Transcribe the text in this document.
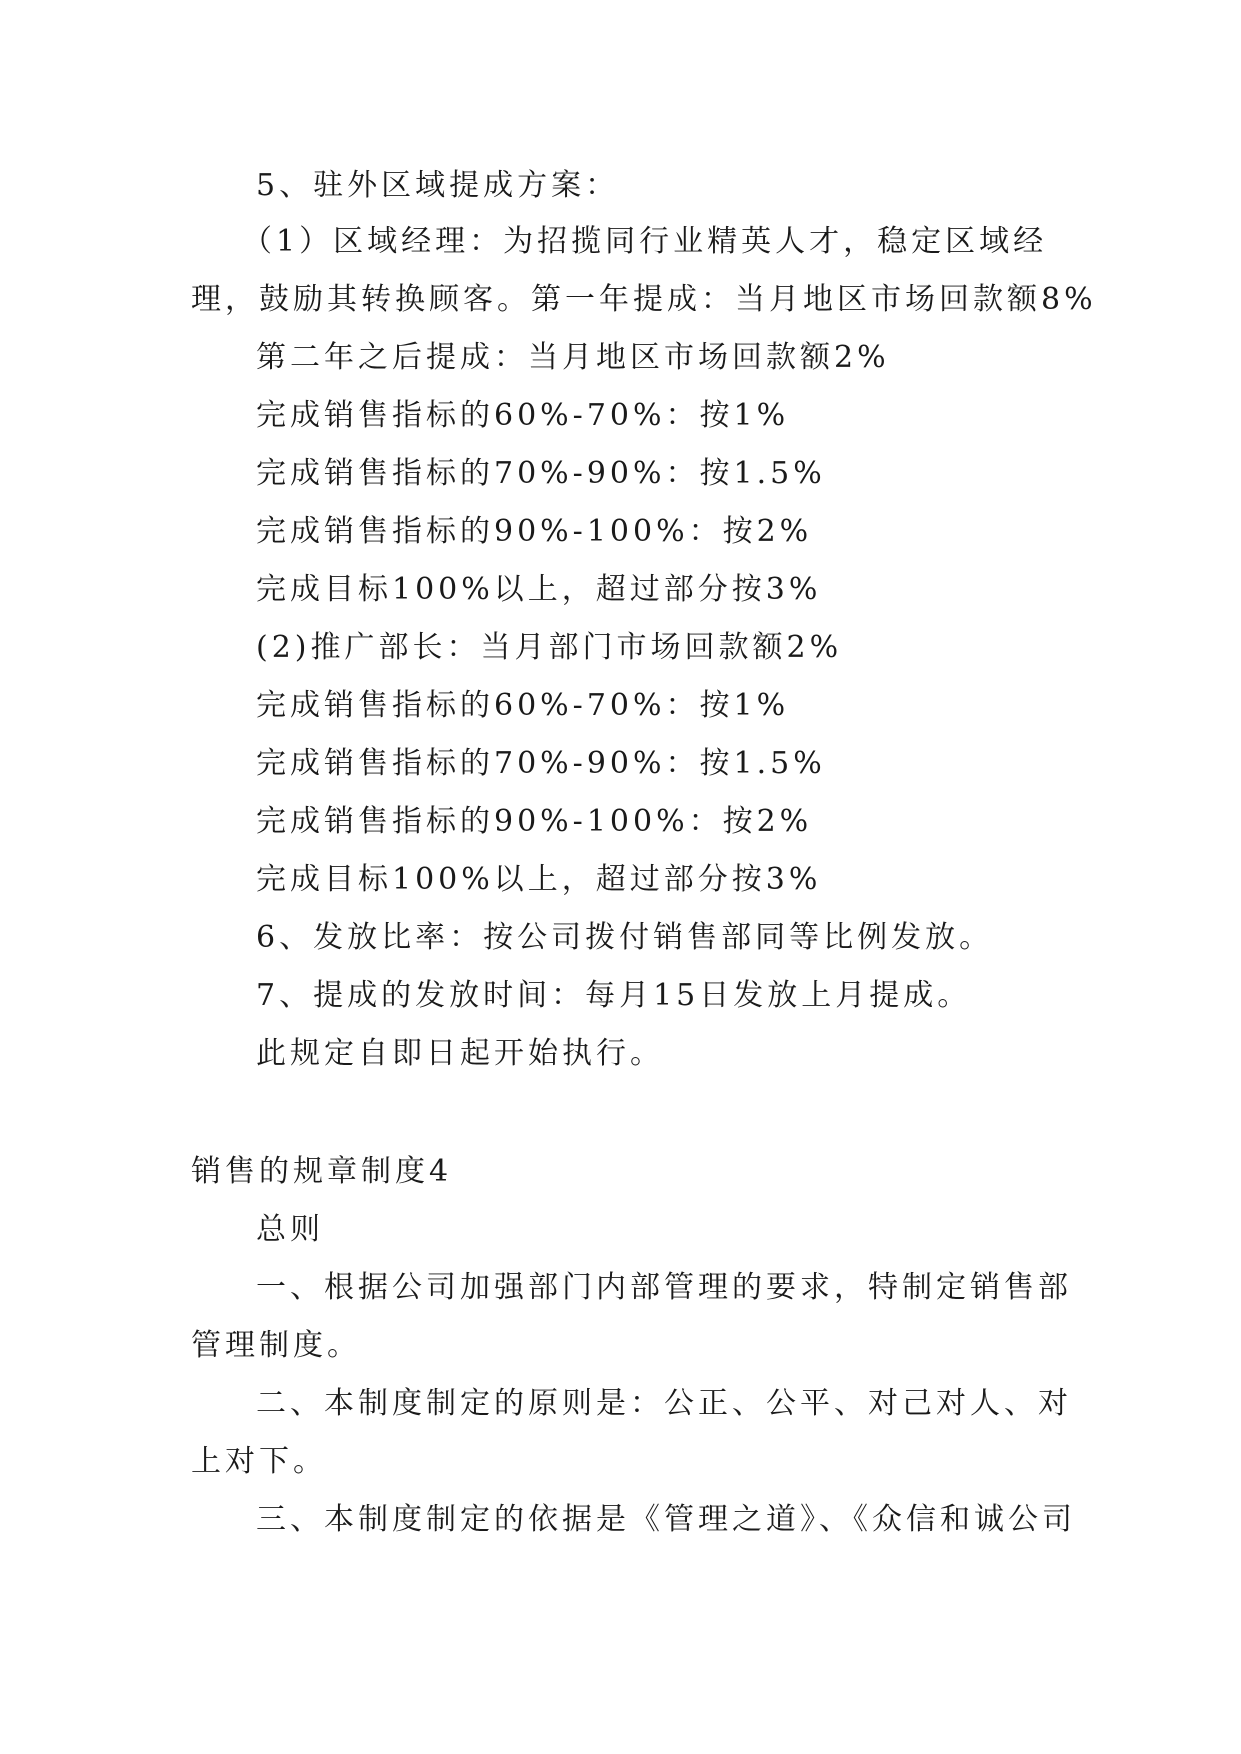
5、驻外区域提成方案：
（1）区域经理：为招揽同行业精英人才，稳定区域经
理，鼓励其转换顾客。第一年提成：当月地区市场回款额8%
第二年之后提成：当月地区市场回款额2%
完成销售指标的60%-70%：按1%
完成销售指标的70%-90%：按1.5%
完成销售指标的90%-100%：按2%
完成目标100%以上，超过部分按3%
(2)推广部长：当月部门市场回款额2%
完成销售指标的60%-70%：按1%
完成销售指标的70%-90%：按1.5%
完成销售指标的90%-100%：按2%
完成目标100%以上，超过部分按3%
6、发放比率：按公司拨付销售部同等比例发放。
7、提成的发放时间：每月15日发放上月提成。
此规定自即日起开始执行。
销售的规章制度4
总则
一、根据公司加强部门内部管理的要求，特制定销售部
管理制度。
二、本制度制定的原则是：公正、公平、对己对人、对
上对下。
三、本制度制定的依据是《管理之道》、《众信和诚公司
